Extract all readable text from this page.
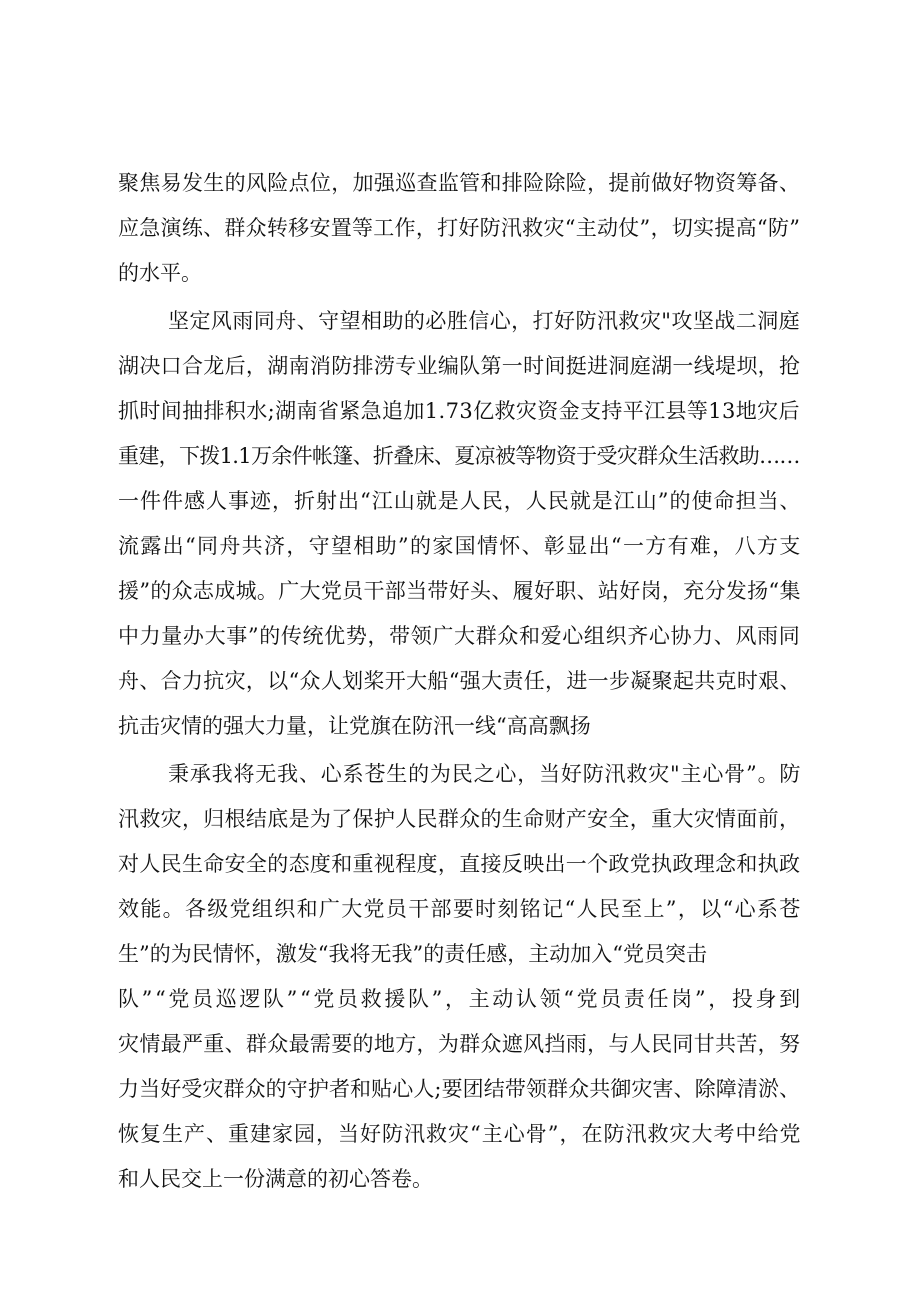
聚焦易发生的风险点位，加强巡查监管和排险除险，提前做好物资筹备、
应急演练、群众转移安置等工作，打好防汛救灾“主动仗”，切实提高“防”
的水平。
坚定风雨同舟、守望相助的必胜信心，打好防汛救灾"攻坚战二洞庭
湖决口合龙后，湖南消防排涝专业编队第一时间挺进洞庭湖一线堤坝，抢
抓时间抽排积水;湖南省紧急追加1.73亿救灾资金支持平江县等13地灾后
重建，下拨1.1万余件帐篷、折叠床、夏凉被等物资于受灾群众生活救助……
一件件感人事迹，折射出“江山就是人民，人民就是江山”的使命担当、
流露出“同舟共济，守望相助”的家国情怀、彰显出“一方有难，八方支
援”的众志成城。广大党员干部当带好头、履好职、站好岗，充分发扬“集
中力量办大事”的传统优势，带领广大群众和爱心组织齐心协力、风雨同
舟、合力抗灾，以“众人划桨开大船“强大责任，进一步凝聚起共克时艰、
抗击灾情的强大力量，让党旗在防汛一线“高高飘扬
秉承我将无我、心系苍生的为民之心，当好防汛救灾"主心骨”。防
汛救灾，归根结底是为了保护人民群众的生命财产安全，重大灾情面前，
对人民生命安全的态度和重视程度，直接反映出一个政党执政理念和执政
效能。各级党组织和广大党员干部要时刻铭记“人民至上”，以“心系苍
生”的为民情怀，激发“我将无我”的责任感，主动加入“党员突击
队”“党员巡逻队”“党员救援队”，主动认领“党员责任岗”，投身到
灾情最严重、群众最需要的地方，为群众遮风挡雨，与人民同甘共苦，努
力当好受灾群众的守护者和贴心人;要团结带领群众共御灾害、除障清淤、
恢复生产、重建家园，当好防汛救灾“主心骨”，在防汛救灾大考中给党
和人民交上一份满意的初心答卷。
